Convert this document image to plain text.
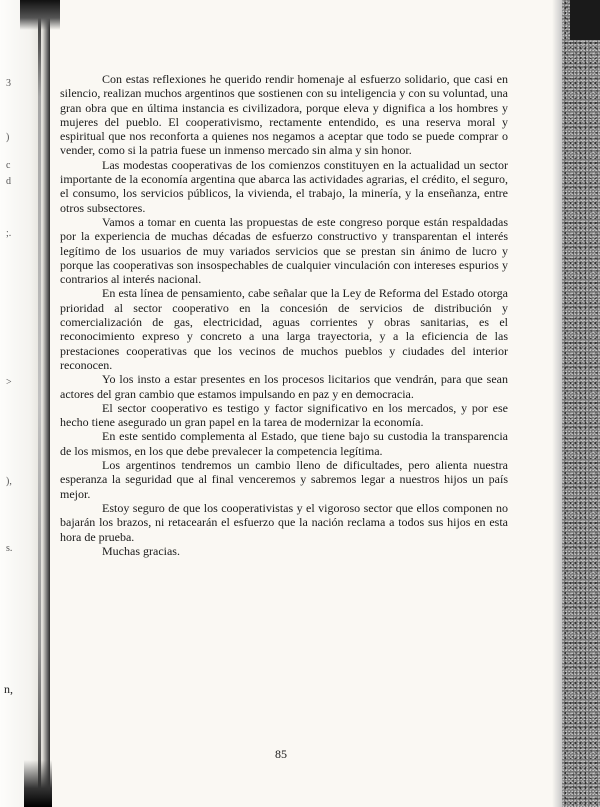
3
)
c
d
;.
>
),
s.
n,

Con estas reflexiones he querido rendir homenaje al esfuerzo solidario, que casi en silencio, realizan muchos argentinos que sostienen con su inteligencia y con su voluntad, una gran obra que en última instancia es civilizadora, porque eleva y dignifica a los hombres y mujeres del pueblo. El cooperativismo, rectamente entendido, es una reserva moral y espiritual que nos reconforta a quienes nos negamos a aceptar que todo se puede comprar o vender, como si la patria fuese un inmenso mercado sin alma y sin honor.

Las modestas cooperativas de los comienzos constituyen en la actualidad un sector importante de la economía argentina que abarca las actividades agrarias, el crédito, el seguro, el consumo, los servicios públicos, la vivienda, el trabajo, la minería, y la enseñanza, entre otros subsectores.

Vamos a tomar en cuenta las propuestas de este congreso porque están respaldadas por la experiencia de muchas décadas de esfuerzo constructivo y transparentan el interés legítimo de los usuarios de muy variados servicios que se prestan sin ánimo de lucro y porque las cooperativas son insospechables de cualquier vinculación con intereses espurios y contrarios al interés nacional.

En esta línea de pensamiento, cabe señalar que la Ley de Reforma del Estado otorga prioridad al sector cooperativo en la concesión de servicios de distribución y comercialización de gas, electricidad, aguas corrientes y obras sanitarias, es el reconocimiento expreso y concreto a una larga trayectoria, y a la eficiencia de las prestaciones cooperativas que los vecinos de muchos pueblos y ciudades del interior reconocen.

Yo los insto a estar presentes en los procesos licitarios que vendrán, para que sean actores del gran cambio que estamos impulsando en paz y en democracia.

El sector cooperativo es testigo y factor significativo en los mercados, y por ese hecho tiene asegurado un gran papel en la tarea de modernizar la economía.

En este sentido complementa al Estado, que tiene bajo su custodia la transparencia de los mismos, en los que debe prevalecer la competencia legítima.

Los argentinos tendremos un cambio lleno de dificultades, pero alienta nuestra esperanza la seguridad que al final venceremos y sabremos legar a nuestros hijos un país mejor.

Estoy seguro de que los cooperativistas y el vigoroso sector que ellos componen no bajarán los brazos, ni retacearán el esfuerzo que la nación reclama a todos sus hijos en esta hora de prueba.

Muchas gracias.

85
